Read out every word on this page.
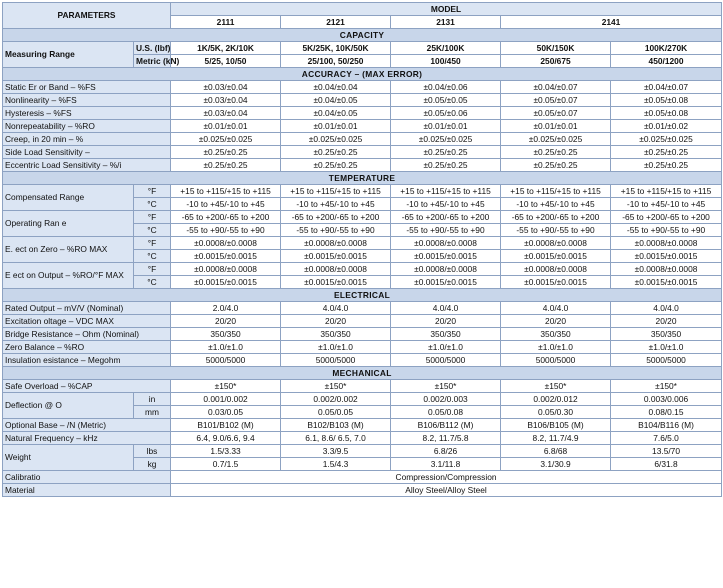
PARAMETERS		MODEL				
		2111	2121	2131	2141	
CAPACITY						
Measuring Range	U.S. (lbf)	1K/5K, 2K/10K	5K/25K, 10K/50K	25K/100K	50K/150K	100K/270K
	Metric (kN)	5/25, 10/50	25/100, 50/250	100/450	250/675	450/1200
ACCURACY – (MAX ERROR)						
Static Er or Band – %FS		±0.03/±0.04	±0.04/±0.04	±0.04/±0.06	±0.04/±0.07	±0.04/±0.07
Nonlinearity – %FS		±0.03/±0.04	±0.04/±0.05	±0.05/±0.05	±0.05/±0.07	±0.05/±0.08
Hysteresis – %FS		±0.03/±0.04	±0.04/±0.05	±0.05/±0.06	±0.05/±0.07	±0.05/±0.08
Nonrepeatability – %RO		±0.01/±0.01	±0.01/±0.01	±0.01/±0.01	±0.01/±0.01	±0.01/±0.02
Creep, in 20 min – %		±0.025/±0.025	±0.025/±0.025	±0.025/±0.025	±0.025/±0.025	±0.025/±0.025
Side Load Sensitivity –		±0.25/±0.25	±0.25/±0.25	±0.25/±0.25	±0.25/±0.25	±0.25/±0.25
Eccentric Load Sensitivity – %/i		±0.25/±0.25	±0.25/±0.25	±0.25/±0.25	±0.25/±0.25	±0.25/±0.25
TEMPERATURE						
Compensated Range	°F	+15 to +115/+15 to +115	+15 to +115/+15 to +115	+15 to +115/+15 to +115	+15 to +115/+15 to +115	+15 to +115/+15 to +115
	°C	-10 to +45/-10 to +45	-10 to +45/-10 to +45	-10 to +45/-10 to +45	-10 to +45/-10 to +45	-10 to +45/-10 to +45
Operating Ran e	°F	-65 to +200/-65 to +200	-65 to +200/-65 to +200	-65 to +200/-65 to +200	-65 to +200/-65 to +200	-65 to +200/-65 to +200
	°C	-55 to +90/-55 to +90	-55 to +90/-55 to +90	-55 to +90/-55 to +90	-55 to +90/-55 to +90	-55 to +90/-55 to +90
E. ect on Zero – %RO MAX	°F	±0.0008/±0.0008	±0.0008/±0.0008	±0.0008/±0.0008	±0.0008/±0.0008	±0.0008/±0.0008
	°C	±0.0015/±0.0015	±0.0015/±0.0015	±0.0015/±0.0015	±0.0015/±0.0015	±0.0015/±0.0015
E ect on Output – %RO/°F MAX	°F	±0.0008/±0.0008	±0.0008/±0.0008	±0.0008/±0.0008	±0.0008/±0.0008	±0.0008/±0.0008
	°C	±0.0015/±0.0015	±0.0015/±0.0015	±0.0015/±0.0015	±0.0015/±0.0015	±0.0015/±0.0015
ELECTRICAL						
Rated Output – mV/V (Nominal)		2.0/4.0	4.0/4.0	4.0/4.0	4.0/4.0	4.0/4.0
Excitation oltage – VDC MAX		20/20	20/20	20/20	20/20	20/20
Bridge Resistance – Ohm (Nominal)		350/350	350/350	350/350	350/350	350/350
Zero Balance – %RO		±1.0/±1.0	±1.0/±1.0	±1.0/±1.0	±1.0/±1.0	±1.0/±1.0
Insulation esistance – Megohm		5000/5000	5000/5000	5000/5000	5000/5000	5000/5000
MECHANICAL						
Safe Overload – %CAP		±150*	±150*	±150*	±150*	±150*
Deflection @ O	in	0.001/0.002	0.002/0.002	0.002/0.003	0.002/0.012	0.003/0.006
	mm	0.03/0.05	0.05/0.05	0.05/0.08	0.05/0.30	0.08/0.15
Optional Base – /N (Metric)		B101/B102 (M)	B102/B103 (M)	B106/B112 (M)	B106/B105 (M)	B104/B116 (M)
Natural Frequency – kHz		6.4, 9.0/6.6, 9.4	6.1, 8.6/ 6.5, 7.0	8.2, 11.7/5.8	8.2, 11.7/4.9	7.6/5.0
Weight	lbs	1.5/3.33	3.3/9.5	6.8/26	6.8/68	13.5/70
	kg	0.7/1.5	1.5/4.3	3.1/11.8	3.1/30.9	6/31.8
Calibratio		Compression/Compression				
Material		Alloy Steel/Alloy Steel				
